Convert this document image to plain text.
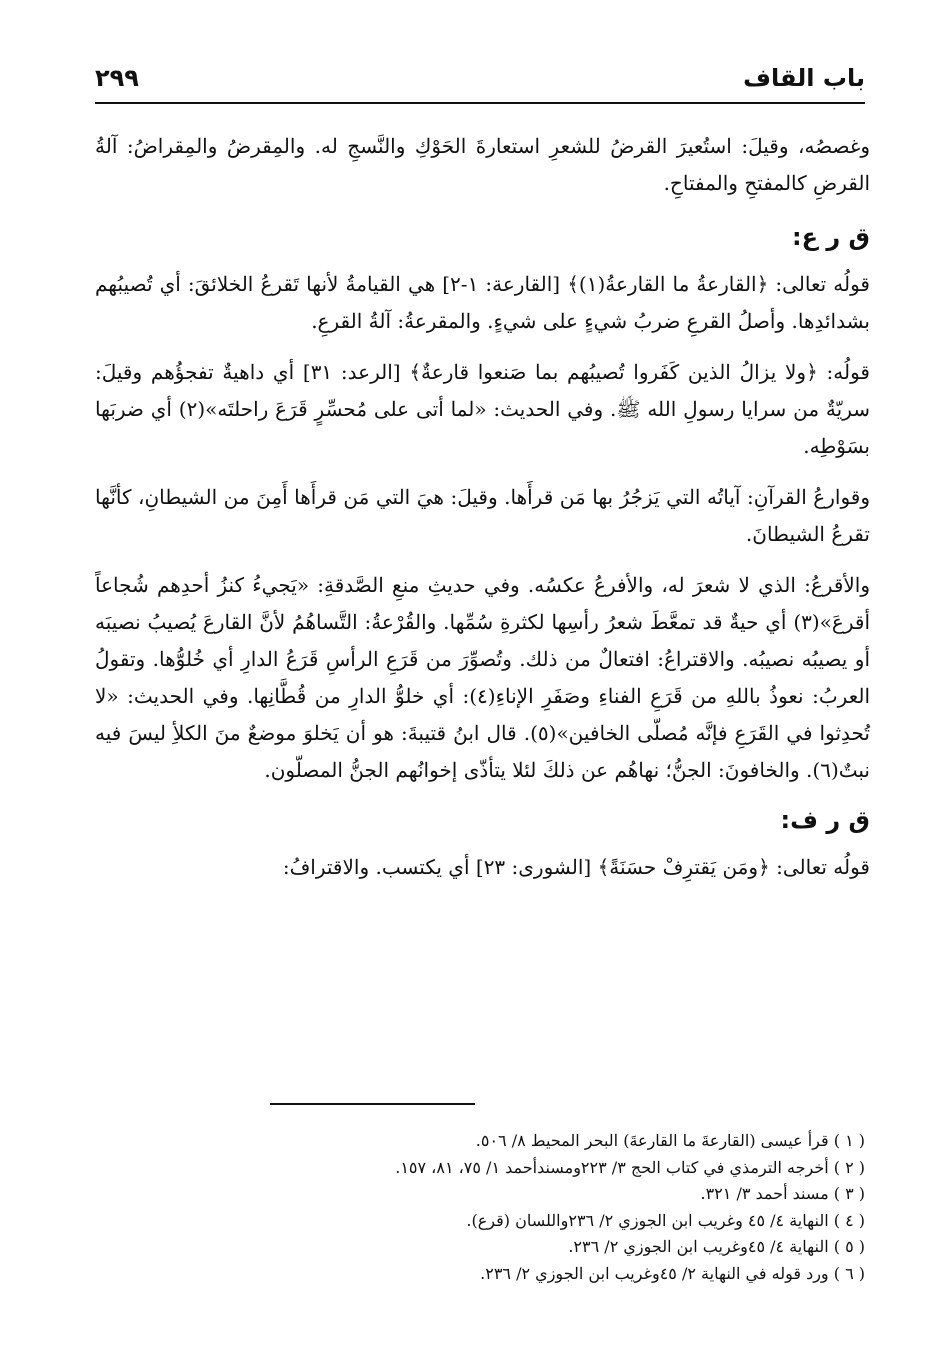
باب القاف
٢٩٩

وغصصُه، وقيلَ: استُعيرَ القرضُ للشعرِ استعارةَ الحَوْكِ والنَّسجِ له. والمِقرضُ والمِقراضُ: آلةُ القرضِ كالمفتحِ والمفتاحِ.

ق ر ع:

قولُه تعالى: ﴿القارعةُ ما القارعةُ(١)﴾ [القارعة: ١-٢] هي القيامةُ لأنها تَقرعُ الخلائقَ: أي تُصيبُهم بشدائدِها. وأصلُ القرعِ ضربُ شيءٍ على شيءٍ. والمقرعةُ: آلةُ القرعِ.

قولُه: ﴿ولا يزالُ الذين كَفَروا تُصيبُهم بما صَنعوا قارعةٌ﴾ [الرعد: ٣١] أي داهيةٌ تفجؤُهم وقيلَ: سريّةٌ من سرايا رسولِ الله ﷺ. وفي الحديث: «لما أتى على مُحسِّرٍ قَرَعَ راحلتَه»(٢) أي ضربَها بسَوْطِه.

وقوارعُ القرآنِ: آياتُه التي يَزجُرُ بها مَن قرأَها. وقيلَ: هيَ التي مَن قرأَها أَمِنَ من الشيطانِ، كأنَّها تقرعُ الشيطانَ.

والأقرعُ: الذي لا شعرَ له، والأفرعُ عكسُه. وفي حديثِ منعِ الصَّدقةِ: «يَجيءُ كنزُ أحدِهم شُجاعاً أقرعَ»(٣) أي حيةٌ قد تمعَّطَ شعرُ رأسِها لكثرةِ سُمِّها. والقُرْعةُ: التَّساهُمُ لأنَّ القارعَ يُصيبُ نصيبَه أو يصيبُه نصيبُه. والاقتراعُ: افتعالٌ من ذلك. وتُصوِّرَ من قَرَعِ الرأسِ قَرَعُ الدارِ أي خُلوُّها. وتقولُ العربُ: نعوذُ باللهِ من قَرَعِ الفناءِ وصَفَرِ الإناءِ(٤): أي خلوُّ الدارِ من قُطَّانِها. وفي الحديث: «لا تُحدِثوا في القَرَعِ فإنَّه مُصلّى الخافين»(٥). قال ابنُ قتيبةَ: هو أن يَخلوَ موضعٌ منَ الكلأِ ليسَ فيه نبتٌ(٦). والخافونَ: الجنُّ؛ نهاهُم عن ذلكَ لئلا يتأذّى إخوانُهم الجنُّ المصلّون.

ق ر ف:

قولُه تعالى: ﴿ومَن يَقترِفْ حسَنَةً﴾ [الشورى: ٢٣] أي يكتسب. والاقترافُ:

( ١ ) قرأ عيسى (القارعةَ ما القارعةَ) البحر المحيط ٨/ ٥٠٦.
( ٢ ) أخرجه الترمذي في كتاب الحج ٣/ ٢٢٣ومسندأحمد ١/ ٧٥، ٨١، ١٥٧.
( ٣ ) مسند أحمد ٣/ ٣٢١.
( ٤ ) النهاية ٤/ ٤٥ وغريب ابن الجوزي ٢/ ٢٣٦واللسان (قرع).
( ٥ ) النهاية ٤/ ٤٥وغريب ابن الجوزي ٢/ ٢٣٦.
( ٦ ) ورد قوله في النهاية ٢/ ٤٥وغريب ابن الجوزي ٢/ ٢٣٦.
